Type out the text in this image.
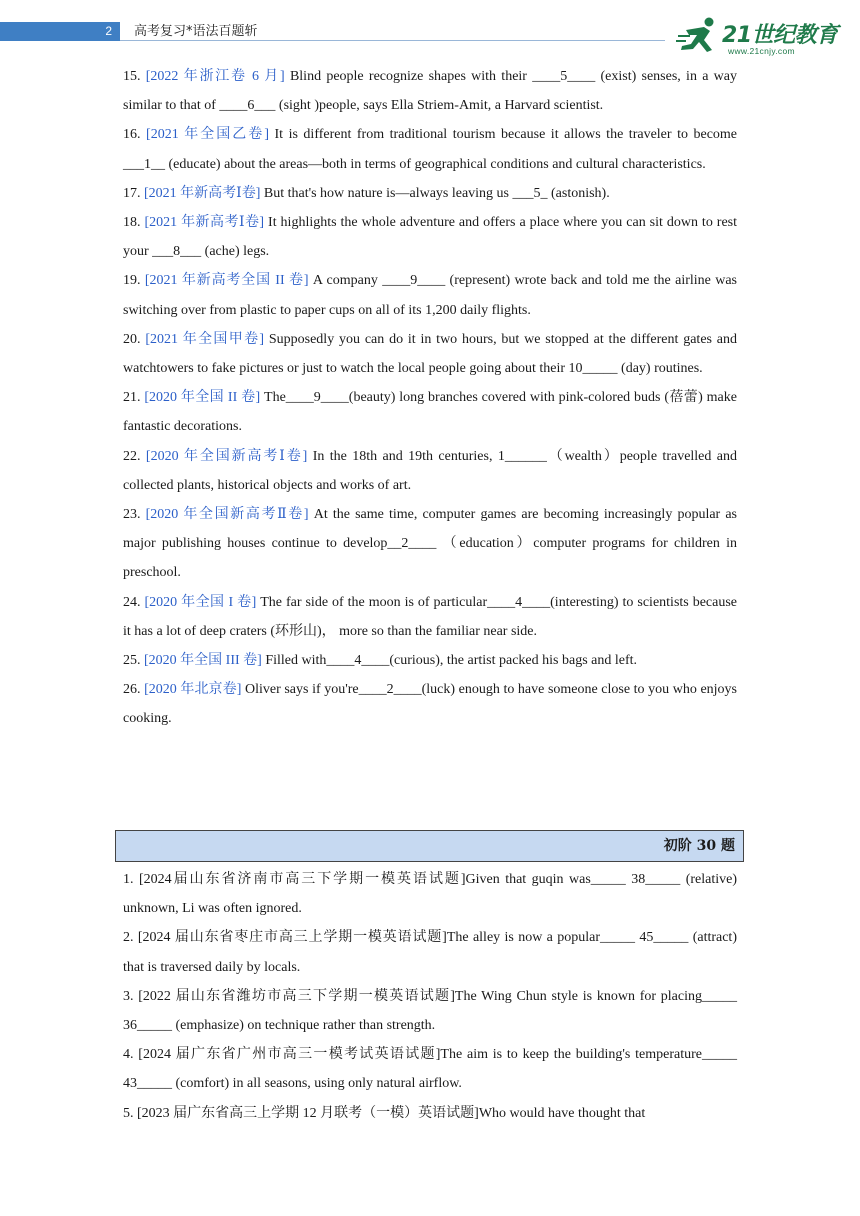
2	高考复习*语法百题斩	21世纪教育
www.21cnjy.com

15. [2022 年浙江卷 6 月] Blind people recognize shapes with their ____5____ (exist) senses, in a way similar to that of ____6___ (sight )people, says Ella Striem-Amit, a Harvard scientist.

16. [2021 年全国乙卷] It is different from traditional tourism because it allows the traveler to become ___1__ (educate) about the areas—both in terms of geographical conditions and cultural characteristics.

17. [2021 年新高考Ⅰ卷] But that's how nature is—always leaving us ___5_ (astonish).

18. [2021 年新高考Ⅰ卷] It highlights the whole adventure and offers a place where you can sit down to rest your ___8___ (ache) legs.

19. [2021 年新高考全国 II 卷] A company ____9____ (represent) wrote back and told me the airline was switching over from plastic to paper cups on all of its 1,200 daily flights.

20. [2021 年全国甲卷] Supposedly you can do it in two hours, but we stopped at the different gates and watchtowers to fake pictures or just to watch the local people going about their 10_____ (day) routines.

21. [2020 年全国 II 卷] The____9____(beauty) long branches covered with pink-colored buds (蓓蕾) make fantastic decorations.

22. [2020 年全国新高考Ⅰ卷] In the 18th and 19th centuries, 1______（wealth）people travelled and collected plants, historical objects and works of art.

23. [2020 年全国新高考Ⅱ卷] At the same time, computer games are becoming increasingly popular as major publishing houses continue to develop__2____ （education）computer programs for children in preschool.

24. [2020 年全国 I 卷] The far side of the moon is of particular____4____(interesting) to scientists because it has a lot of deep craters (环形山)， more so than the familiar near side.

25. [2020 年全国 III 卷] Filled with____4____(curious), the artist packed his bags and left.

26. [2020 年北京卷] Oliver says if you're____2____(luck) enough to have someone close to you who enjoys cooking.

初阶 30 题

1. [2024届山东省济南市高三下学期一模英语试题]Given that guqin was_____ 38_____ (relative) unknown, Li was often ignored.

2. [2024 届山东省枣庄市高三上学期一模英语试题]The alley is now a popular_____ 45_____ (attract) that is traversed daily by locals.

3. [2022 届山东省潍坊市高三下学期一模英语试题]The Wing Chun style is known for placing_____ 36_____ (emphasize) on technique rather than strength.

4. [2024 届广东省广州市高三一模考试英语试题]The aim is to keep the building's temperature_____ 43_____ (comfort) in all seasons, using only natural airflow.

5. [2023 届广东省高三上学期 12 月联考（一模）英语试题]Who would have thought that
